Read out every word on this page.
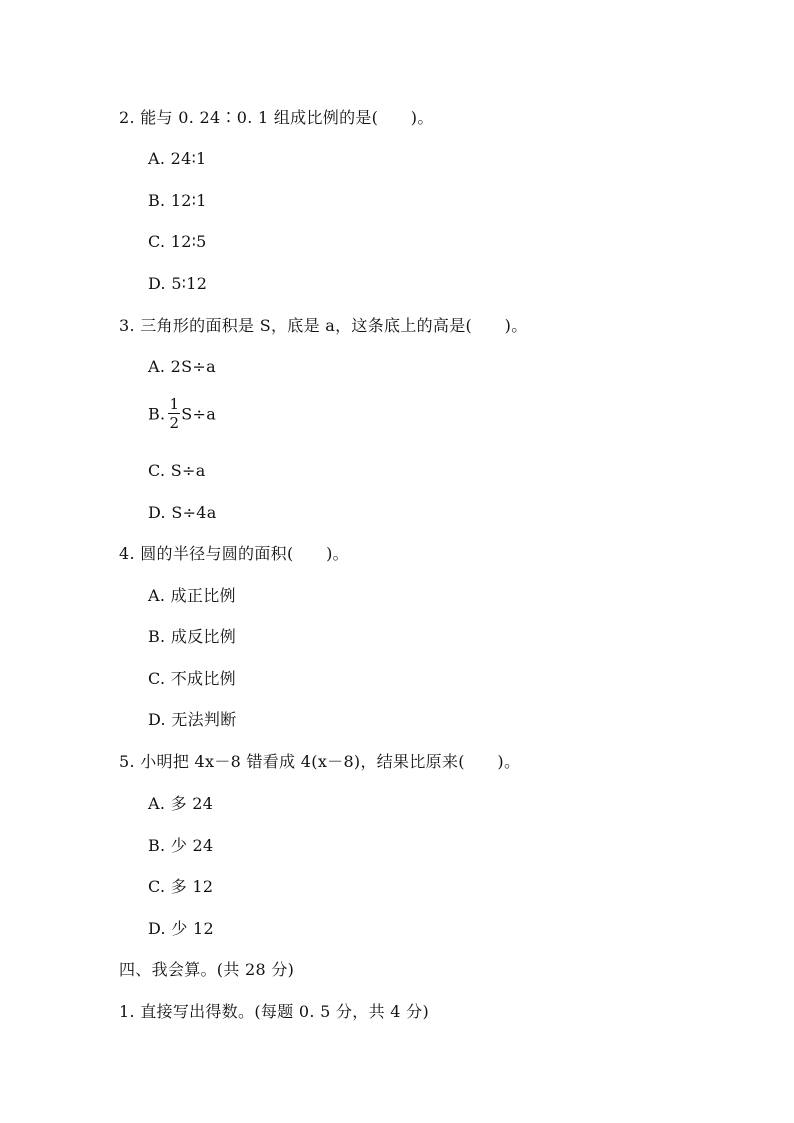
2. 能与 0. 24∶0. 1 组成比例的是(　　)。
A. 24∶1
B. 12∶1
C. 12∶5
D. 5∶12
3. 三角形的面积是 S，底是 a，这条底上的高是(　　)。
A. 2S÷a
B. $\frac{1}{2} S\div a$
C. S÷a
D. S÷4a
4. 圆的半径与圆的面积(　　)。
A. 成正比例
B. 成反比例
C. 不成比例
D. 无法判断
5. 小明把 4x－8 错看成 4(x－8)，结果比原来(　　)。
A. 多 24
B. 少 24
C. 多 12
D. 少 12
四、我会算。(共 28 分)
1. 直接写出得数。(每题 0. 5 分，共 4 分)
